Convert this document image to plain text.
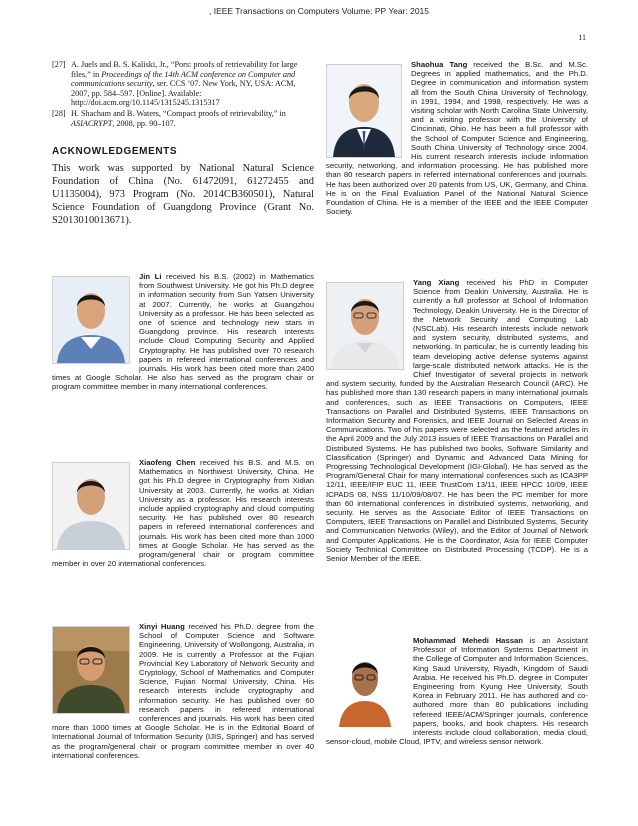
, IEEE Transactions on Computers Volume: PP Year: 2015
11
[27] A. Juels and B. S. Kaliski, Jr., “Pors: proofs of retrievability for large files,” in Proceedings of the 14th ACM conference on Computer and communications security, ser. CCS ’07. New York, NY, USA: ACM, 2007, pp. 584–597. [Online]. Available: http://doi.acm.org/10.1145/1315245.1315317
[28] H. Shacham and B. Waters, “Compact proofs of retrievability,” in ASIACRYPT, 2008, pp. 90–107.
ACKNOWLEDGEMENTS

This work was supported by National Natural Science Foundation of China (No. 61472091, 61272455 and U1135004), 973 Program (No. 2014CB360501), Natural Science Foundation of Guangdong Province (Grant No. S2013010013671).

Shaohua Tang received the B.Sc. and M.Sc. Degrees in applied mathematics, and the Ph.D. Degree in communication and information system all from the South China University of Technology, in 1991, 1994, and 1998, respectively. He was a visiting scholar with North Carolina State University, and a visiting professor with the University of Cincinnati, Ohio. He has been a full professor with the School of Computer Science and Engineering, South China University of Technology since 2004. His current research interests include information security, networking, and information processing. He has published more than 80 research papers in referred international conferences and journals. He has been authorized over 20 patents from US, UK, Germany, and China. He is on the Final Evaluation Panel of the National Natural Science Foundation of China. He is a member of the IEEE and the IEEE Computer Society.

Jin Li received his B.S. (2002) in Mathematics from Southwest University. He got his Ph.D degree in information security from Sun Yatsen University at 2007. Currently, he works at Guangzhou University as a professor. He has been selected as one of science and technology new stars in Guangdong province. His research interests include Cloud Computing Security and Applied Cryptography. He has published over 70 research papers in refereed international conferences and journals. His work has been cited more than 2400 times at Google Scholar. He also has served as the program chair or program committee member in many international conferences.

Yang Xiang received his PhD in Computer Science from Deakin University, Australia. He is currently a full professor at School of Information Technology, Deakin University. He is the Director of the Network Security and Computing Lab (NSCLab). His research interests include network and system security, distributed systems, and networking. In particular, he is currently leading his team developing active defense systems against large-scale distributed network attacks. He is the Chief Investigator of several projects in network and system security, funded by the Australian Research Council (ARC). He has published more than 130 research papers in many international journals and conferences, such as IEEE Transactions on Computers, IEEE Transactions on Parallel and Distributed Systems, IEEE Transactions on Information Security and Forensics, and IEEE Journal on Selected Areas in Communications. Two of his papers were selected as the featured articles in the April 2009 and the July 2013 issues of IEEE Transactions on Parallel and Distributed Systems. He has published two books, Software Similarity and Classification (Springer) and Dynamic and Advanced Data Mining for Progressing Technological Development (IGI-Global). He has served as the Program/General Chair for many international conferences such as ICA3PP 12/11, IEEE/IFIP EUC 11, IEEE TrustCom 13/11, IEEE HPCC 10/09, IEEE ICPADS 08, NSS 11/10/09/08/07. He has been the PC member for more than 60 international conferences in distributed systems, networking, and security. He serves as the Associate Editor of IEEE Transactions on Computers, IEEE Transactions on Parallel and Distributed Systems, Security and Communication Networks (Wiley), and the Editor of Journal of Network and Computer Applications. He is the Coordinator, Asia for IEEE Computer Society Technical Committee on Distributed Processing (TCDP). He is a Senior Member of the IEEE.

Xiaofeng Chen received his B.S. and M.S. on Mathematics in Northwest University, China. He got his Ph.D degree in Cryptography from Xidian University at 2003. Currently, he works at Xidian University as a professor. His research interests include applied cryptography and cloud computing security. He has published over 80 research papers in refereed international conferences and journals. His work has been cited more than 1000 times at Google Scholar. He has served as the program/general chair or program committee member in over 20 international conferences.

Xinyi Huang received his Ph.D. degree from the School of Computer Science and Software Engineering, University of Wollongong, Australia, in 2009. He is currently a Professor at the Fujian Provincial Key Laboratory of Network Security and Cryptology, School of Mathematics and Computer Science, Fujian Normal University, China. His research interests include cryptography and information security. He has published over 60 research papers in refereed international conferences and journals. His work has been cited more than 1000 times at Google Scholar. He is in the Editorial Board of International Journal of Information Security (IJIS, Springer) and has served as the program/general chair or program committee member in over 40 international conferences.

Mohammad Mehedi Hassan is an Assistant Professor of Information Systems Department in the College of Computer and Information Sciences, King Saud University, Riyadh, Kingdom of Saudi Arabia. He received his Ph.D. degree in Computer Engineering from Kyung Hee University, South Korea in February 2011. He has authored and co-authored more than 80 publications including refereed IEEE/ACM/Springer journals, conference papers, books, and book chapters. His research interests include cloud collaboration, media cloud, sensor-cloud, mobile Cloud, IPTV, and wireless sensor network.
